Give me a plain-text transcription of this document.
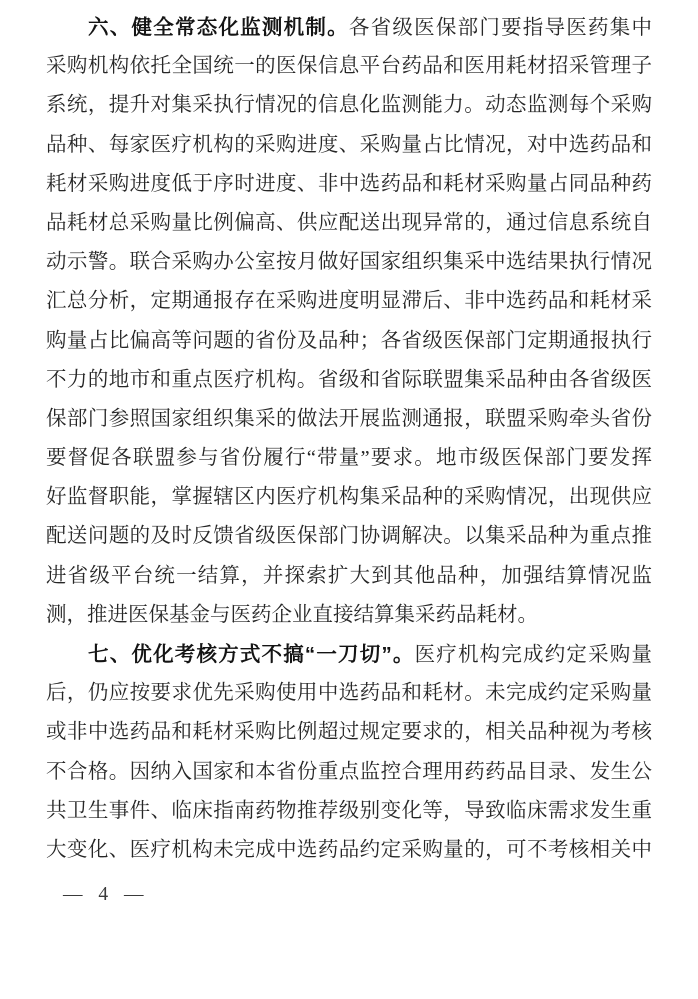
六、健全常态化监测机制。各省级医保部门要指导医药集中
采购机构依托全国统一的医保信息平台药品和医用耗材招采管理子
系统，提升对集采执行情况的信息化监测能力。动态监测每个采购
品种、每家医疗机构的采购进度、采购量占比情况，对中选药品和
耗材采购进度低于序时进度、非中选药品和耗材采购量占同品种药
品耗材总采购量比例偏高、供应配送出现异常的，通过信息系统自
动示警。联合采购办公室按月做好国家组织集采中选结果执行情况
汇总分析，定期通报存在采购进度明显滞后、非中选药品和耗材采
购量占比偏高等问题的省份及品种；各省级医保部门定期通报执行
不力的地市和重点医疗机构。省级和省际联盟集采品种由各省级医
保部门参照国家组织集采的做法开展监测通报，联盟采购牵头省份
要督促各联盟参与省份履行“带量”要求。地市级医保部门要发挥
好监督职能，掌握辖区内医疗机构集采品种的采购情况，出现供应
配送问题的及时反馈省级医保部门协调解决。以集采品种为重点推
进省级平台统一结算，并探索扩大到其他品种，加强结算情况监
测，推进医保基金与医药企业直接结算集采药品耗材。
七、优化考核方式不搞“一刀切”。医疗机构完成约定采购量
后，仍应按要求优先采购使用中选药品和耗材。未完成约定采购量
或非中选药品和耗材采购比例超过规定要求的，相关品种视为考核
不合格。因纳入国家和本省份重点监控合理用药药品目录、发生公
共卫生事件、临床指南药物推荐级别变化等，导致临床需求发生重
大变化、医疗机构未完成中选药品约定采购量的，可不考核相关中
— 4 —
